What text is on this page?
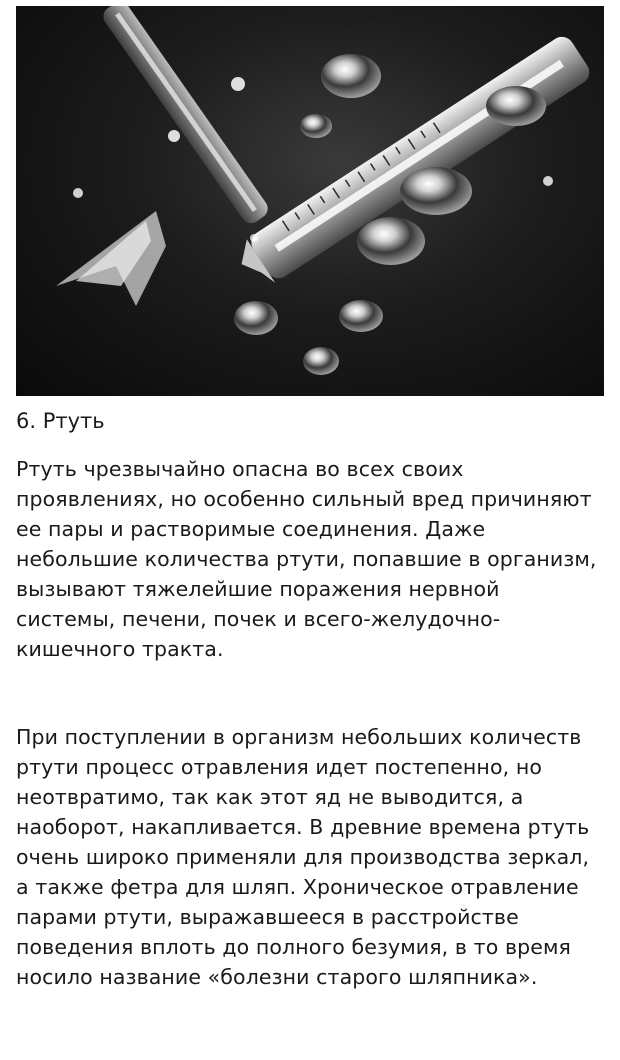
6. Ртуть

Ртуть чрезвычайно опасна во всех своих проявлениях, но особенно сильный вред причиняют ее пары и растворимые соединения. Даже небольшие количества ртути, попавшие в организм, вызывают тяжелейшие поражения нервной системы, печени, почек и всего-желудочно-кишечного тракта.

При поступлении в организм небольших количеств ртути процесс отравления идет постепенно, но неотвратимо, так как этот яд не выводится, а наоборот, накапливается. В древние времена ртуть очень широко применяли для производства зеркал, а также фетра для шляп. Хроническое отравление парами ртути, выражавшееся в расстройстве поведения вплоть до полного безумия, в то время носило название «болезни старого шляпника».
